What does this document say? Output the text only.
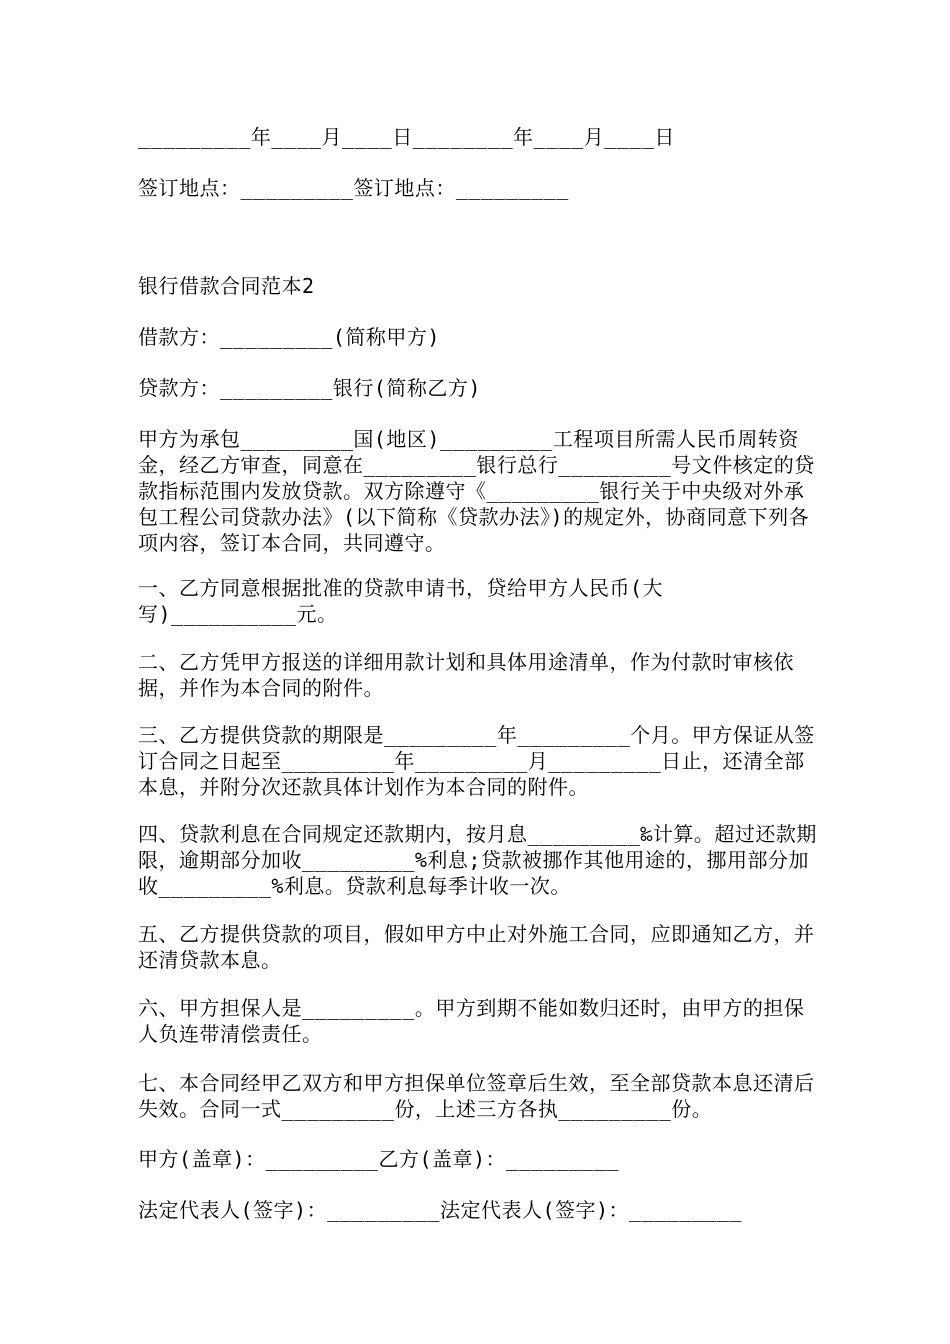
_________年____月____日________年____月____日

签订地点：_________签订地点：_________

银行借款合同范本2

借款方：_________(简称甲方)

贷款方：_________银行(简称乙方)

甲方为承包_________国(地区)_________工程项目所需人民币周转资金，经乙方审查，同意在_________银行总行_________号文件核定的贷款指标范围内发放贷款。双方除遵守《_________银行关于中央级对外承包工程公司贷款办法》(以下简称《贷款办法》)的规定外，协商同意下列各项内容，签订本合同，共同遵守。

一、乙方同意根据批准的贷款申请书，贷给甲方人民币(大写)__________元。

二、乙方凭甲方报送的详细用款计划和具体用途清单，作为付款时审核依据，并作为本合同的附件。

三、乙方提供贷款的期限是_________年_________个月。甲方保证从签订合同之日起至_________年_________月_________日止，还清全部本息，并附分次还款具体计划作为本合同的附件。

四、贷款利息在合同规定还款期内，按月息_________‰计算。超过还款期限，逾期部分加收_________%利息;贷款被挪作其他用途的，挪用部分加收_________%利息。贷款利息每季计收一次。

五、乙方提供贷款的项目，假如甲方中止对外施工合同，应即通知乙方，并还清贷款本息。

六、甲方担保人是_________。甲方到期不能如数归还时，由甲方的担保人负连带清偿责任。

七、本合同经甲乙双方和甲方担保单位签章后生效，至全部贷款本息还清后失效。合同一式_________份，上述三方各执_________份。

甲方(盖章)：_________乙方(盖章)：_________

法定代表人(签字)：_________法定代表人(签字)：_________
